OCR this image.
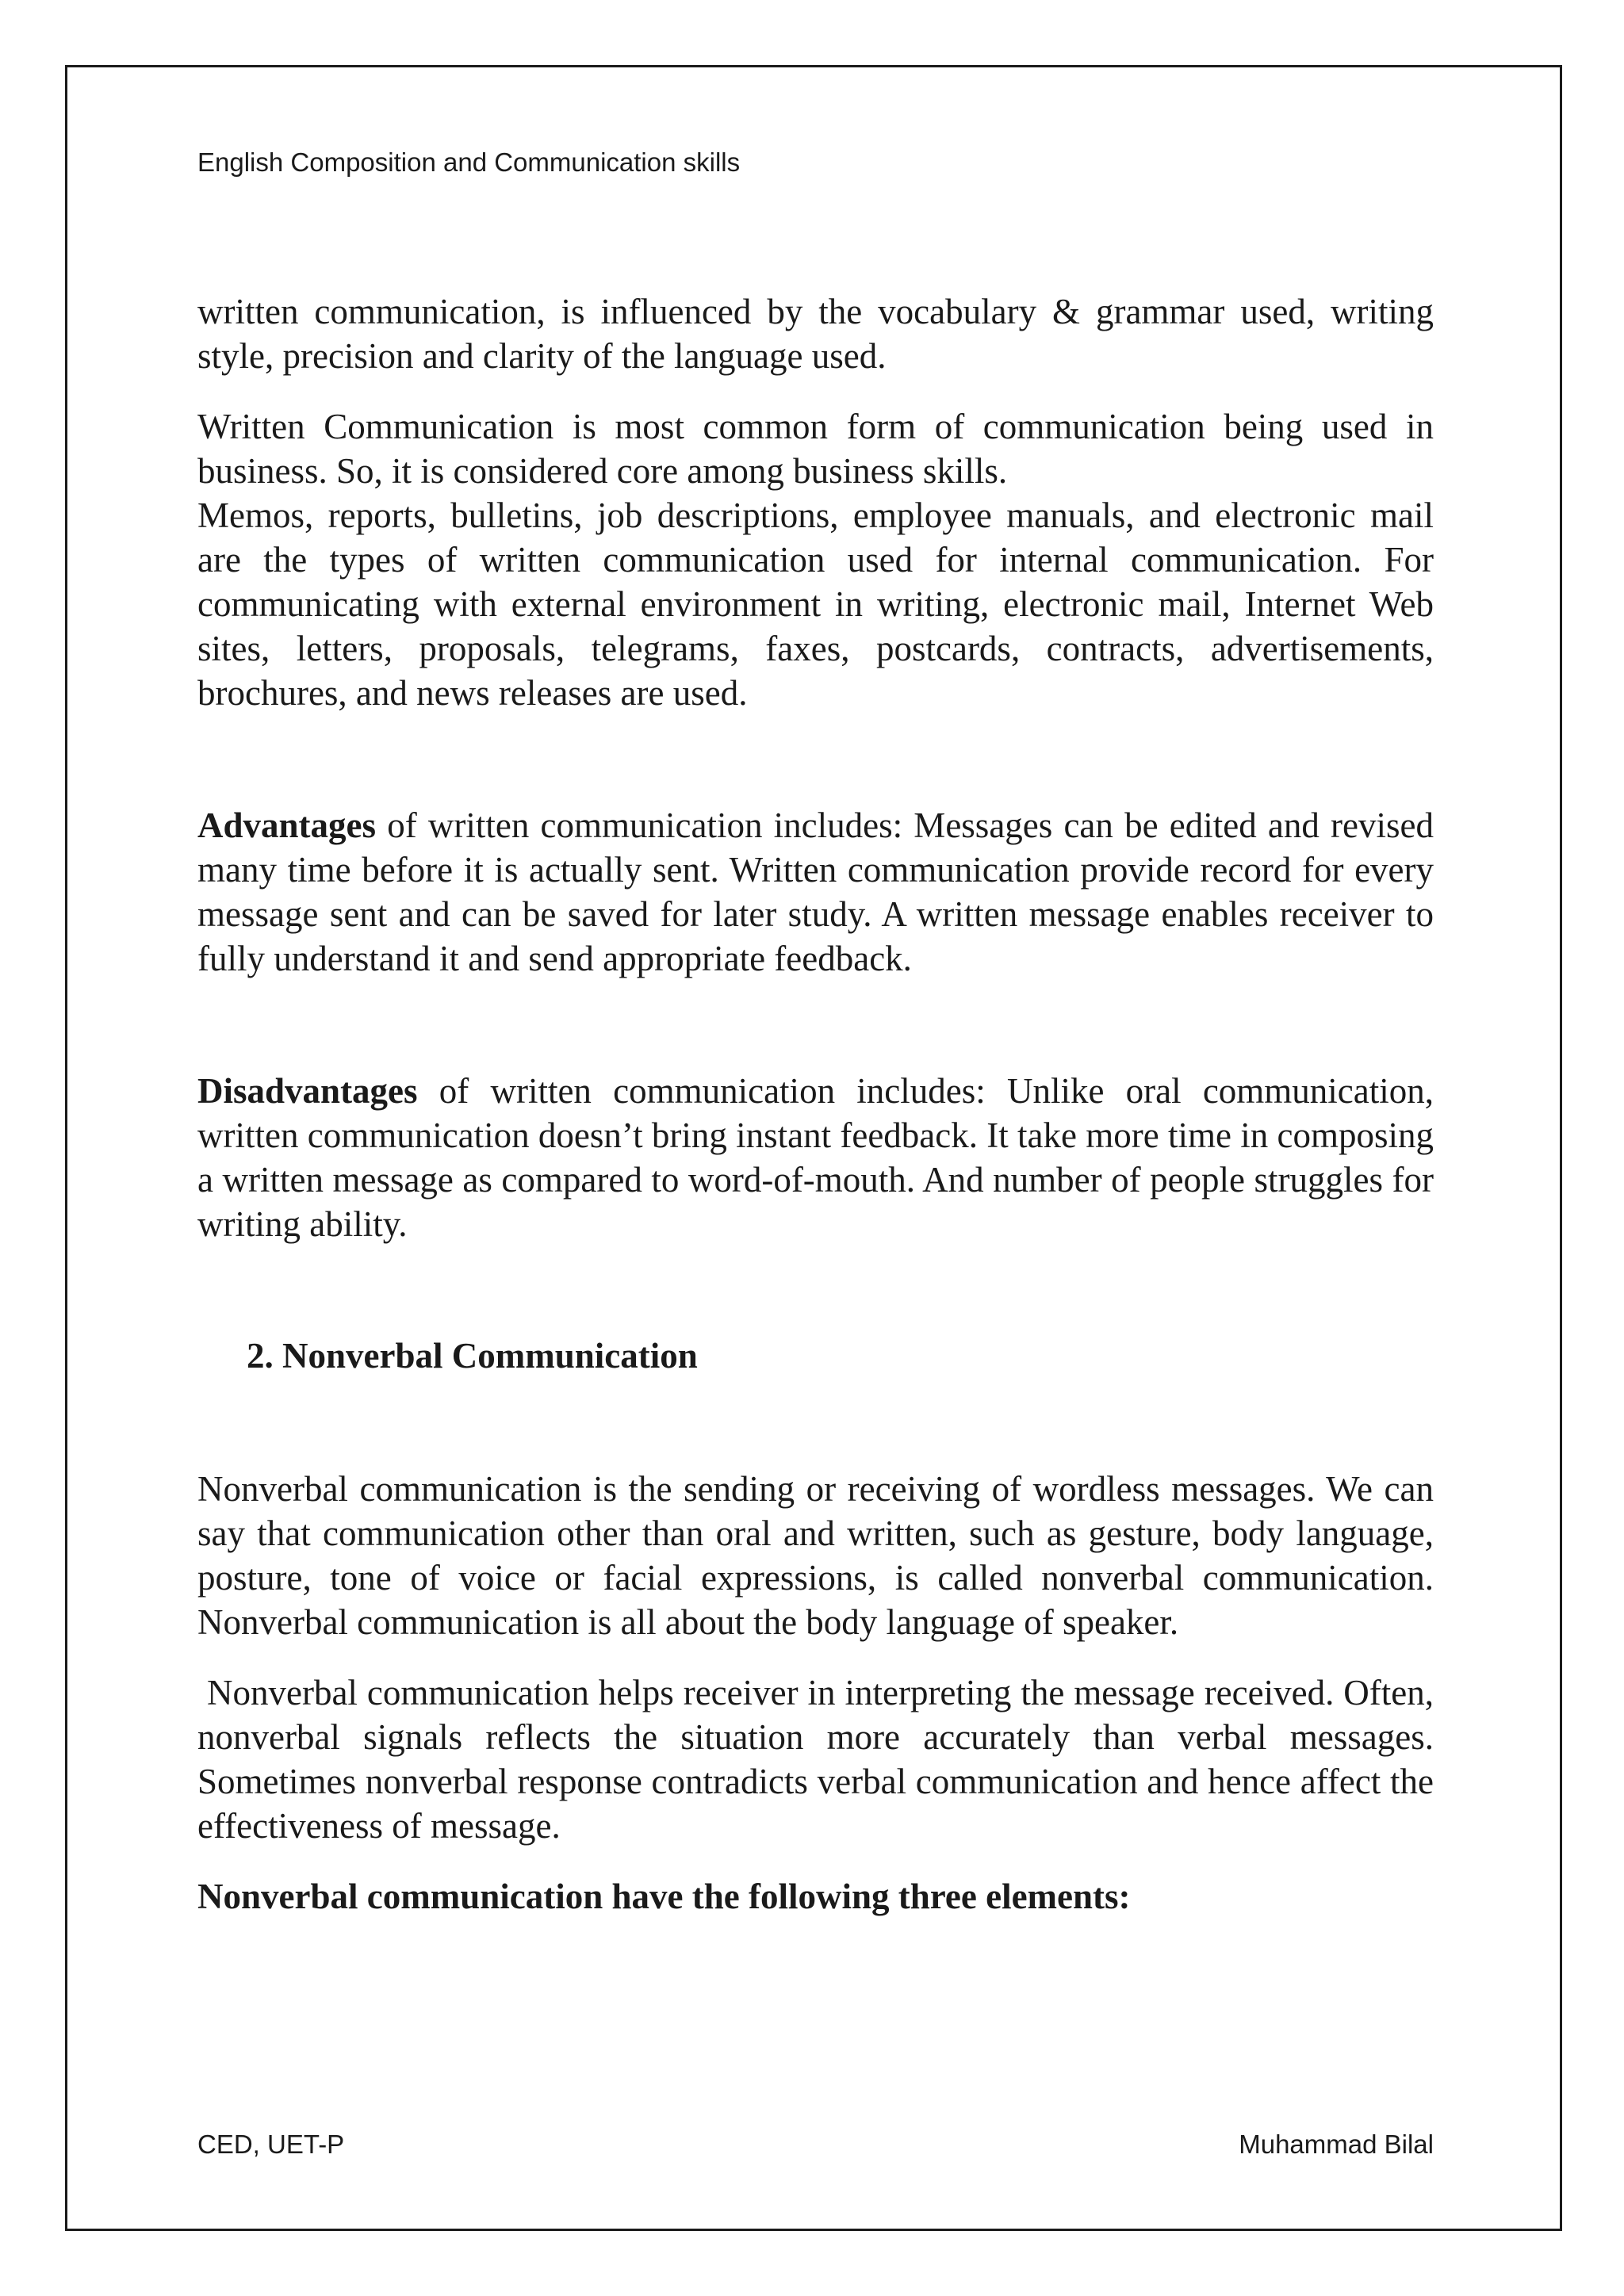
English Composition and Communication skills

written communication, is influenced by the vocabulary & grammar used, writing style, precision and clarity of the language used.

Written Communication is most common form of communication being used in business. So, it is considered core among business skills.

Memos, reports, bulletins, job descriptions, employee manuals, and electronic mail are the types of written communication used for internal communication. For communicating with external environment in writing, electronic mail, Internet Web sites, letters, proposals, telegrams, faxes, postcards, contracts, advertisements, brochures, and news releases are used.

Advantages of written communication includes: Messages can be edited and revised many time before it is actually sent. Written communication provide record for every message sent and can be saved for later study. A written message enables receiver to fully understand it and send appropriate feedback.

Disadvantages of written communication includes: Unlike oral communication, written communication doesn’t bring instant feedback. It take more time in composing a written message as compared to word-of-mouth. And number of people struggles for writing ability.

2. Nonverbal Communication

Nonverbal communication is the sending or receiving of wordless messages. We can say that communication other than oral and written, such as gesture, body language, posture, tone of voice or facial expressions, is called nonverbal communication. Nonverbal communication is all about the body language of speaker.

Nonverbal communication helps receiver in interpreting the message received. Often, nonverbal signals reflects the situation more accurately than verbal messages. Sometimes nonverbal response contradicts verbal communication and hence affect the effectiveness of message.

Nonverbal communication have the following three elements:

CED, UET-P	Muhammad Bilal
